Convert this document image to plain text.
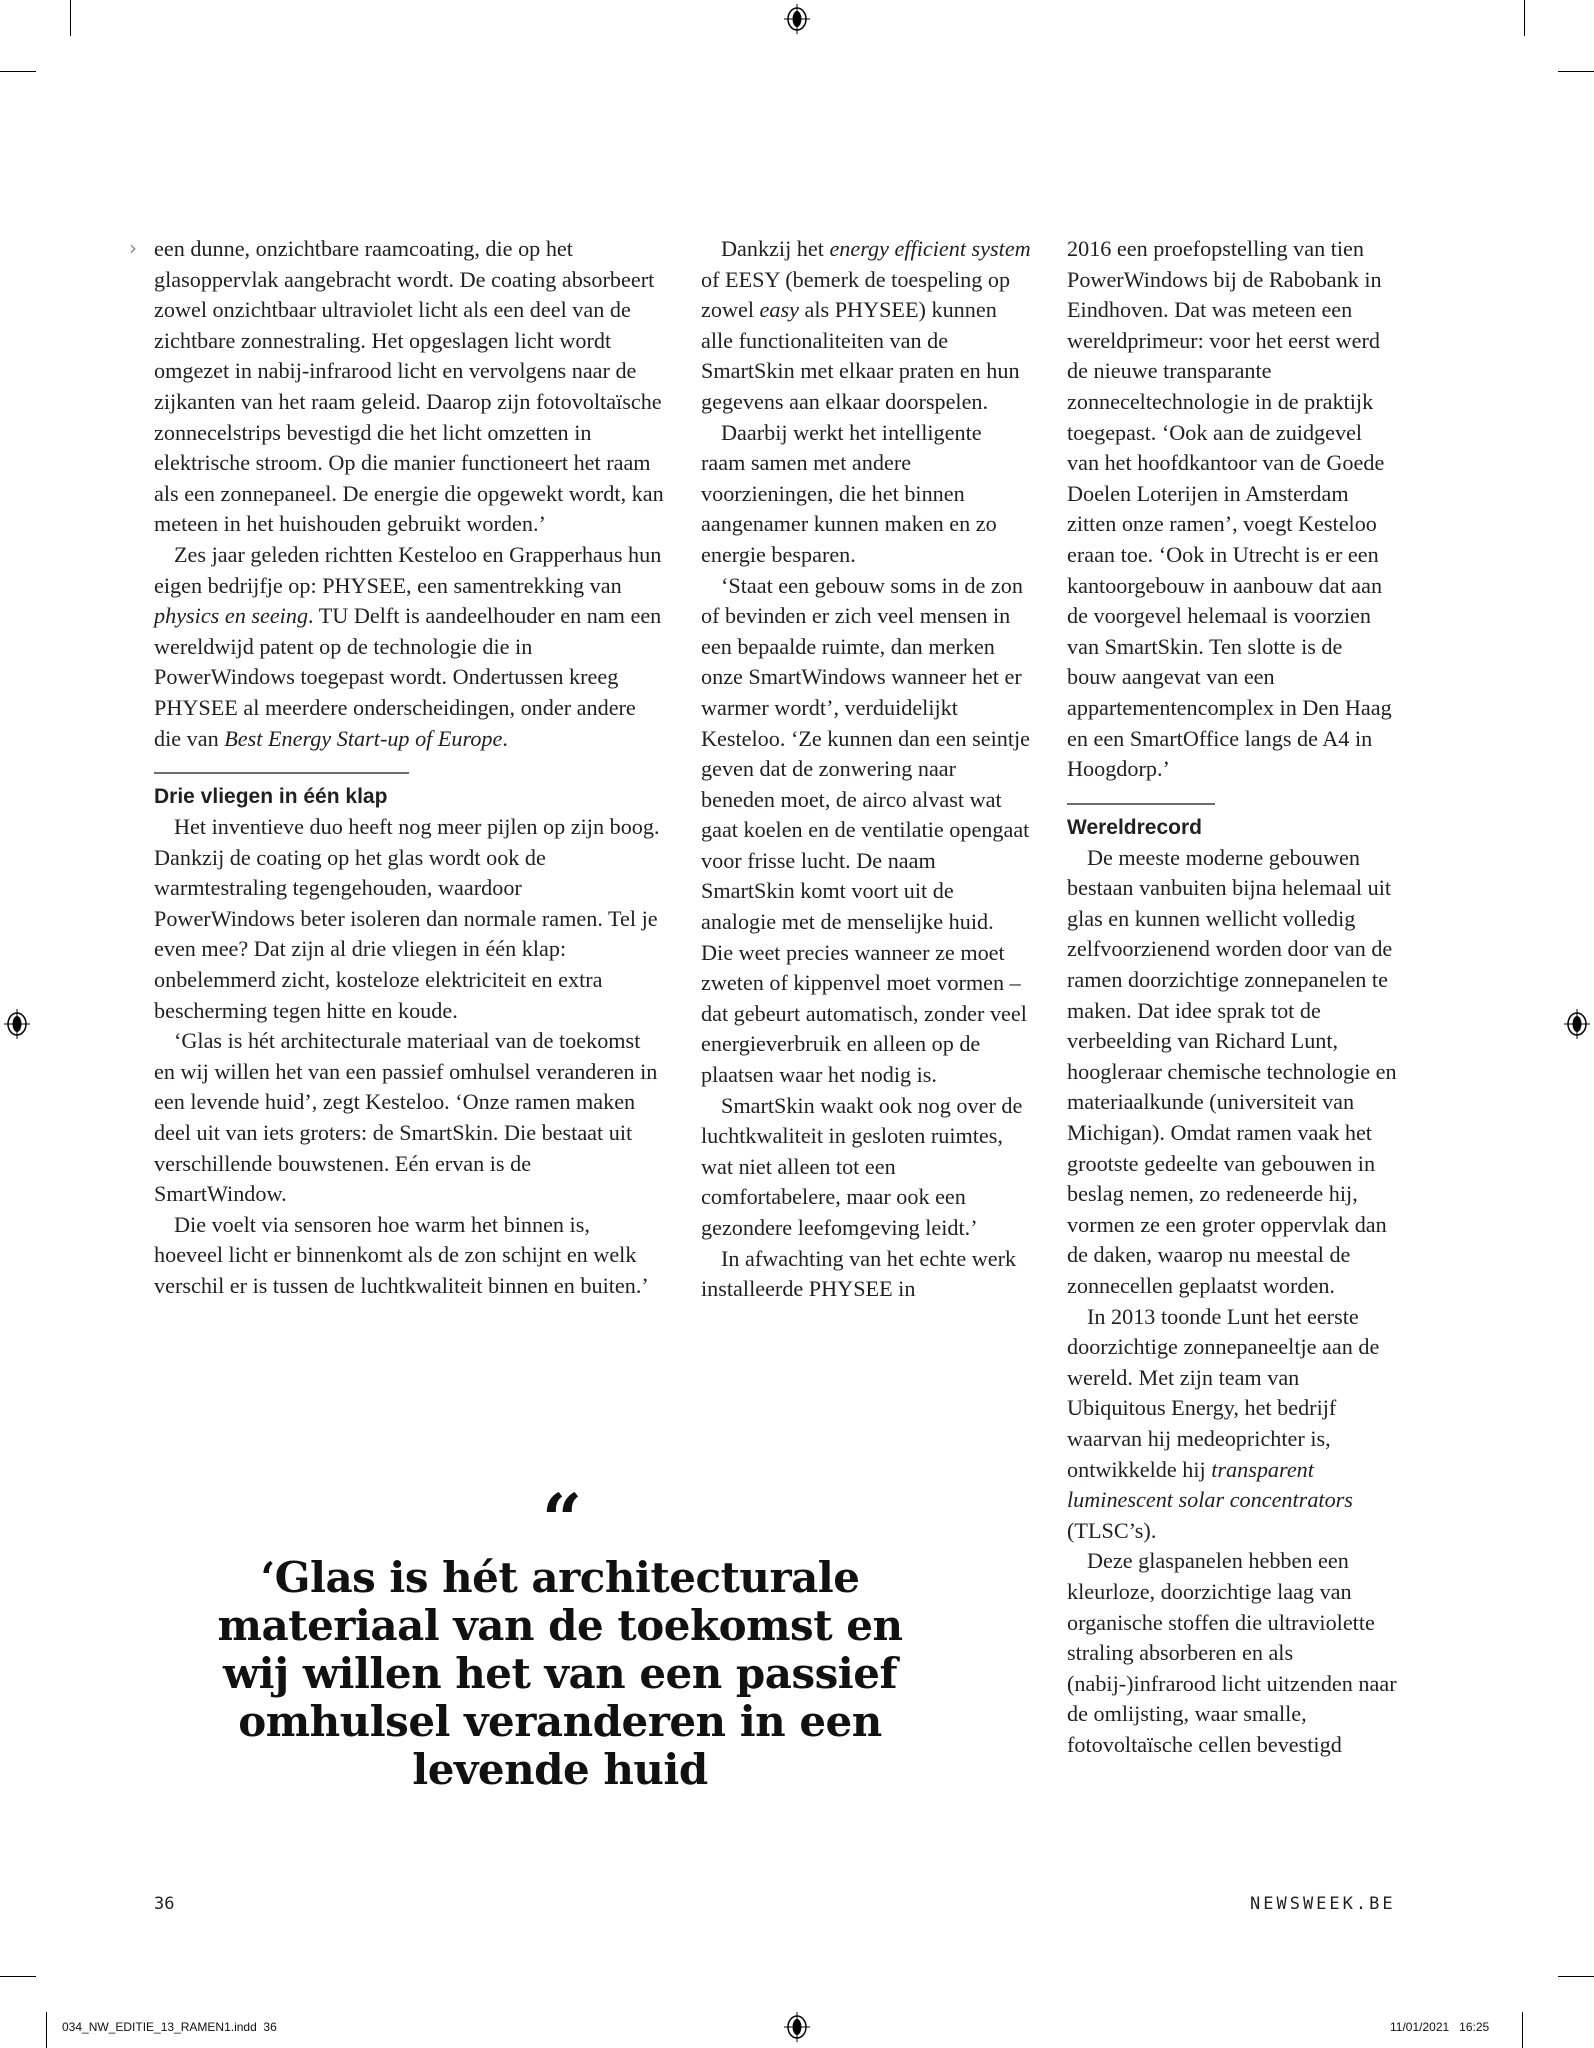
› een dunne, onzichtbare raamcoating, die op het glasoppervlak aangebracht wordt. De coating absorbeert zowel onzichtbaar ultraviolet licht als een deel van de zichtbare zonnestraling. Het opgeslagen licht wordt omgezet in nabij-infrarood licht en vervolgens naar de zijkanten van het raam geleid. Daarop zijn fotovoltaïsche zonnecelstrips bevestigd die het licht omzetten in elektrische stroom. Op die manier functioneert het raam als een zonnepaneel. De energie die opgewekt wordt, kan meteen in het huishouden gebruikt worden.’

Zes jaar geleden richtten Kesteloo en Grapperhaus hun eigen bedrijfje op: PHYSEE, een samentrekking van physics en seeing. TU Delft is aandeelhouder en nam een wereldwijd patent op de technologie die in PowerWindows toegepast wordt. Ondertussen kreeg PHYSEE al meerdere onderscheidingen, onder andere die van Best Energy Start-up of Europe.

Drie vliegen in één klap

Het inventieve duo heeft nog meer pijlen op zijn boog. Dankzij de coating op het glas wordt ook de warmtestraling tegengehouden, waardoor PowerWindows beter isoleren dan normale ramen. Tel je even mee? Dat zijn al drie vliegen in één klap: onbelemmerd zicht, kosteloze elektriciteit en extra bescherming tegen hitte en koude.

‘Glas is hét architecturale materiaal van de toekomst en wij willen het van een passief omhulsel veranderen in een levende huid’, zegt Kesteloo. ‘Onze ramen maken deel uit van iets groters: de SmartSkin. Die bestaat uit verschillende bouwstenen. Eén ervan is de SmartWindow.

Die voelt via sensoren hoe warm het binnen is, hoeveel licht er binnenkomt als de zon schijnt en welk verschil er is tussen de luchtkwaliteit binnen en buiten.’

Dankzij het energy efficient system of EESY (bemerk de toespeling op zowel easy als PHYSEE) kunnen alle functionaliteiten van de SmartSkin met elkaar praten en hun gegevens aan elkaar doorspelen.

Daarbij werkt het intelligente raam samen met andere voorzieningen, die het binnen aangenamer kunnen maken en zo energie besparen.

‘Staat een gebouw soms in de zon of bevinden er zich veel mensen in een bepaalde ruimte, dan merken onze SmartWindows wanneer het er warmer wordt’, verduidelijkt Kesteloo. ‘Ze kunnen dan een seintje geven dat de zonwering naar beneden moet, de airco alvast wat gaat koelen en de ventilatie opengaat voor frisse lucht. De naam SmartSkin komt voort uit de analogie met de menselijke huid. Die weet precies wanneer ze moet zweten of kippenvel moet vormen – dat gebeurt automatisch, zonder veel energieverbruik en alleen op de plaatsen waar het nodig is.

SmartSkin waakt ook nog over de luchtkwaliteit in gesloten ruimtes, wat niet alleen tot een comfortabelere, maar ook een gezondere leefomgeving leidt.’

In afwachting van het echte werk installeerde PHYSEE in

2016 een proefopstelling van tien PowerWindows bij de Rabobank in Eindhoven. Dat was meteen een wereldprimeur: voor het eerst werd de nieuwe transparante zonneceltechnologie in de praktijk toegepast. ‘Ook aan de zuidgevel van het hoofdkantoor van de Goede Doelen Loterijen in Amsterdam zitten onze ramen’, voegt Kesteloo eraan toe. ‘Ook in Utrecht is er een kantoorgebouw in aanbouw dat aan de voorgevel helemaal is voorzien van SmartSkin. Ten slotte is de bouw aangevat van een appartementencomplex in Den Haag en een SmartOffice langs de A4 in Hoogdorp.’

Wereldrecord

De meeste moderne gebouwen bestaan vanbuiten bijna helemaal uit glas en kunnen wellicht volledig zelfvoorzienend worden door van de ramen doorzichtige zonnepanelen te maken. Dat idee sprak tot de verbeelding van Richard Lunt, hoogleraar chemische technologie en materiaalkunde (universiteit van Michigan). Omdat ramen vaak het grootste gedeelte van gebouwen in beslag nemen, zo redeneerde hij, vormen ze een groter oppervlak dan de daken, waarop nu meestal de zonnecellen geplaatst worden.

In 2013 toonde Lunt het eerste doorzichtige zonnepaneeltje aan de wereld. Met zijn team van Ubiquitous Energy, het bedrijf waarvan hij medeoprichter is, ontwikkelde hij transparent luminescent solar concentrators (TLSC’s).

Deze glaspanelen hebben een kleurloze, doorzichtige laag van organische stoffen die ultraviolette straling absorberen en als (nabij-)infrarood licht uitzenden naar de omlijsting, waar smalle, fotovoltaïsche cellen bevestigd

“
‘Glas is hét architecturale materiaal van de toekomst en wij willen het van een passief omhulsel veranderen in een levende huid
36	NEWSWEEK.BE
034_NW_EDITIE_13_RAMEN1.indd  36	11/01/2021   16:25
